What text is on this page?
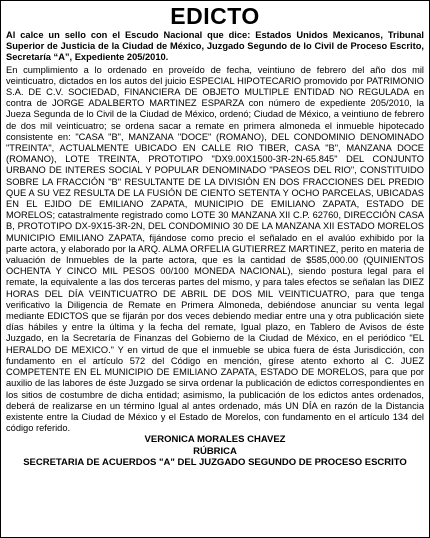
EDICTO

Al calce un sello con el Escudo Nacional que dice: Estados Unidos Mexicanos, Tribunal Superior de Justicia de la Ciudad de México, Juzgado Segundo de lo Civil de Proceso Escrito, Secretaría “A”, Expediente 205/2010.

En cumplimiento a lo ordenado en proveído de fecha, veintiuno de febrero del año dos mil veinticuatro, dictados en los autos del juicio ESPECIAL HIPOTECARIO promovido por PATRIMONIO S.A. DE C.V. SOCIEDAD, FINANCIERA DE OBJETO MULTIPLE ENTIDAD NO REGULADA en contra de JORGE ADALBERTO MARTINEZ ESPARZA con número de expediente 205/2010, la Jueza Segunda de lo Civil de la Ciudad de México, ordenó; Ciudad de México, a veintiuno de febrero de dos mil veinticuatro; se ordena sacar a remate en primera almoneda el inmueble hipotecado consistente en: "CASA "B", MANZANA "DOCE" (ROMANO), DEL CONDOMINIO DENOMINADO "TREINTA", ACTUALMENTE UBICADO EN CALLE RIO TIBER, CASA "B", MANZANA DOCE (ROMANO), LOTE TREINTA, PROTOTIPO "DX9.00X1500-3R-2N-65.845" DEL CONJUNTO URBANO DE INTERES SOCIAL Y POPULAR DENOMINADO "PASEOS DEL RIO", CONSTITUIDO SOBRE LA FRACCIÓN "B" RESULTANTE DE LA DIVISIÓN EN DOS FRACCIONES DEL PREDIO QUE A SU VEZ RESULTA DE LA FUSIÓN DE CIENTO SETENTA Y OCHO PARCELAS, UBICADAS EN EL EJIDO DE EMILIANO ZAPATA, MUNICIPIO DE EMILIANO ZAPATA, ESTADO DE MORELOS; catastralmente registrado como LOTE 30 MANZANA XII C.P. 62760, DIRECCIÓN CASA B, PROTOTIPO DX-9X15-3R-2N, DEL CONDOMINIO 30 DE LA MANZANA XII ESTADO MORELOS MUNICIPIO EMILIANO ZAPATA, fijándose como precio el señalado en el avalúo exhibido por la parte actora, y elaborado por la ARQ. ALMA ORFELIA GUTIERREZ MARTINEZ, perito en materia de valuación de Inmuebles de la parte actora, que es la cantidad de $585,000.00 (QUINIENTOS OCHENTA Y CINCO MIL PESOS 00/100 MONEDA NACIONAL), siendo postura legal para el remate, la equivalente a las dos terceras partes del mismo, y para tales efectos se señalan las DIEZ HORAS DEL DÍA VEINTICUATRO DE ABRIL DE DOS MIL VEINTICUATRO, para que tenga verificativo la Diligencia de Remate en Primera Almoneda, debiéndose anunciar su venta legal mediante EDICTOS que se fijarán por dos veces debiendo mediar entre una y otra publicación siete días hábiles y entre la última y la fecha del remate, Igual plazo, en Tablero de Avisos de éste Juzgado, en la Secretaría de Finanzas del Gobierno de la Ciudad de México, en el periódico "EL HERALDO DE MEXICO." Y en virtud de que el inmueble se ubica fuera de ésta Jurisdicción, con fundamento en el artículo 572 del Código en mención, gírese atento exhorto al C. JUEZ COMPETENTE EN EL MUNICIPIO DE EMILIANO ZAPATA, ESTADO DE MORELOS, para que por auxilio de las labores de éste Juzgado se sirva ordenar la publicación de edictos correspondientes en los sitios de costumbre de dicha entidad; asimismo, la publicación de los edictos antes ordenados, deberá de realizarse en un término Igual al antes ordenado, más UN DÍA en razón de la Distancia existente entre la Ciudad de México y el Estado de Morelos, con fundamento en el artículo 134 del código referido.

VERONICA MORALES CHAVEZ
RÚBRICA
SECRETARIA DE ACUERDOS "A" DEL JUZGADO SEGUNDO DE PROCESO ESCRITO
